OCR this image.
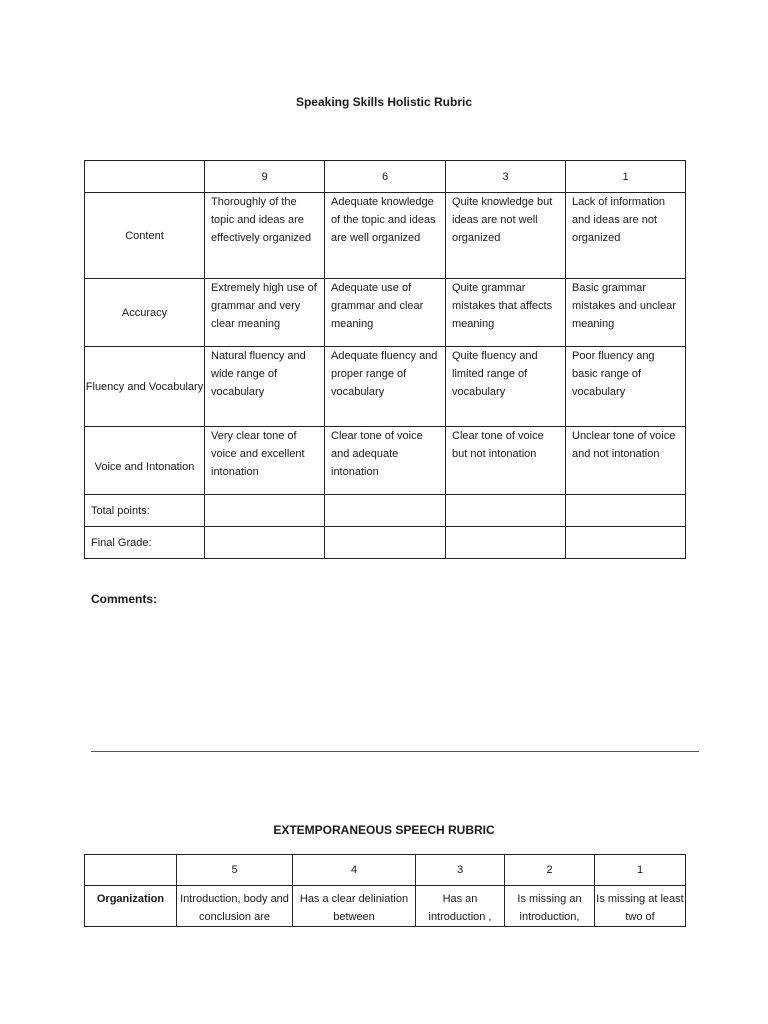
Speaking Skills Holistic Rubric
	9	6	3	1
Content	Thoroughly of the topic and ideas are effectively organized	Adequate knowledge of the topic and ideas are well organized	Quite knowledge but ideas are not well organized	Lack of information and ideas are not organized
Accuracy	Extremely high use of grammar and very clear meaning	Adequate use of grammar and clear meaning	Quite grammar mistakes that affects meaning	Basic grammar mistakes and unclear meaning
Fluency and Vocabulary	Natural fluency and wide range of vocabulary	Adequate fluency and proper range of vocabulary	Quite fluency and limited range of vocabulary	Poor fluency ang basic range of vocabulary
Voice and Intonation	Very clear tone of voice and excellent intonation	Clear tone of voice and adequate intonation	Clear tone of voice but not intonation	Unclear tone of voice and not intonation
Total points:				
Final Grade:				
Comments:
EXTEMPORANEOUS SPEECH RUBRIC
	5	4	3	2	1
Organization	Introduction, body and conclusion are	Has a clear deliniation between	Has an introduction ,	Is missing an introduction,	Is missing at least two of
